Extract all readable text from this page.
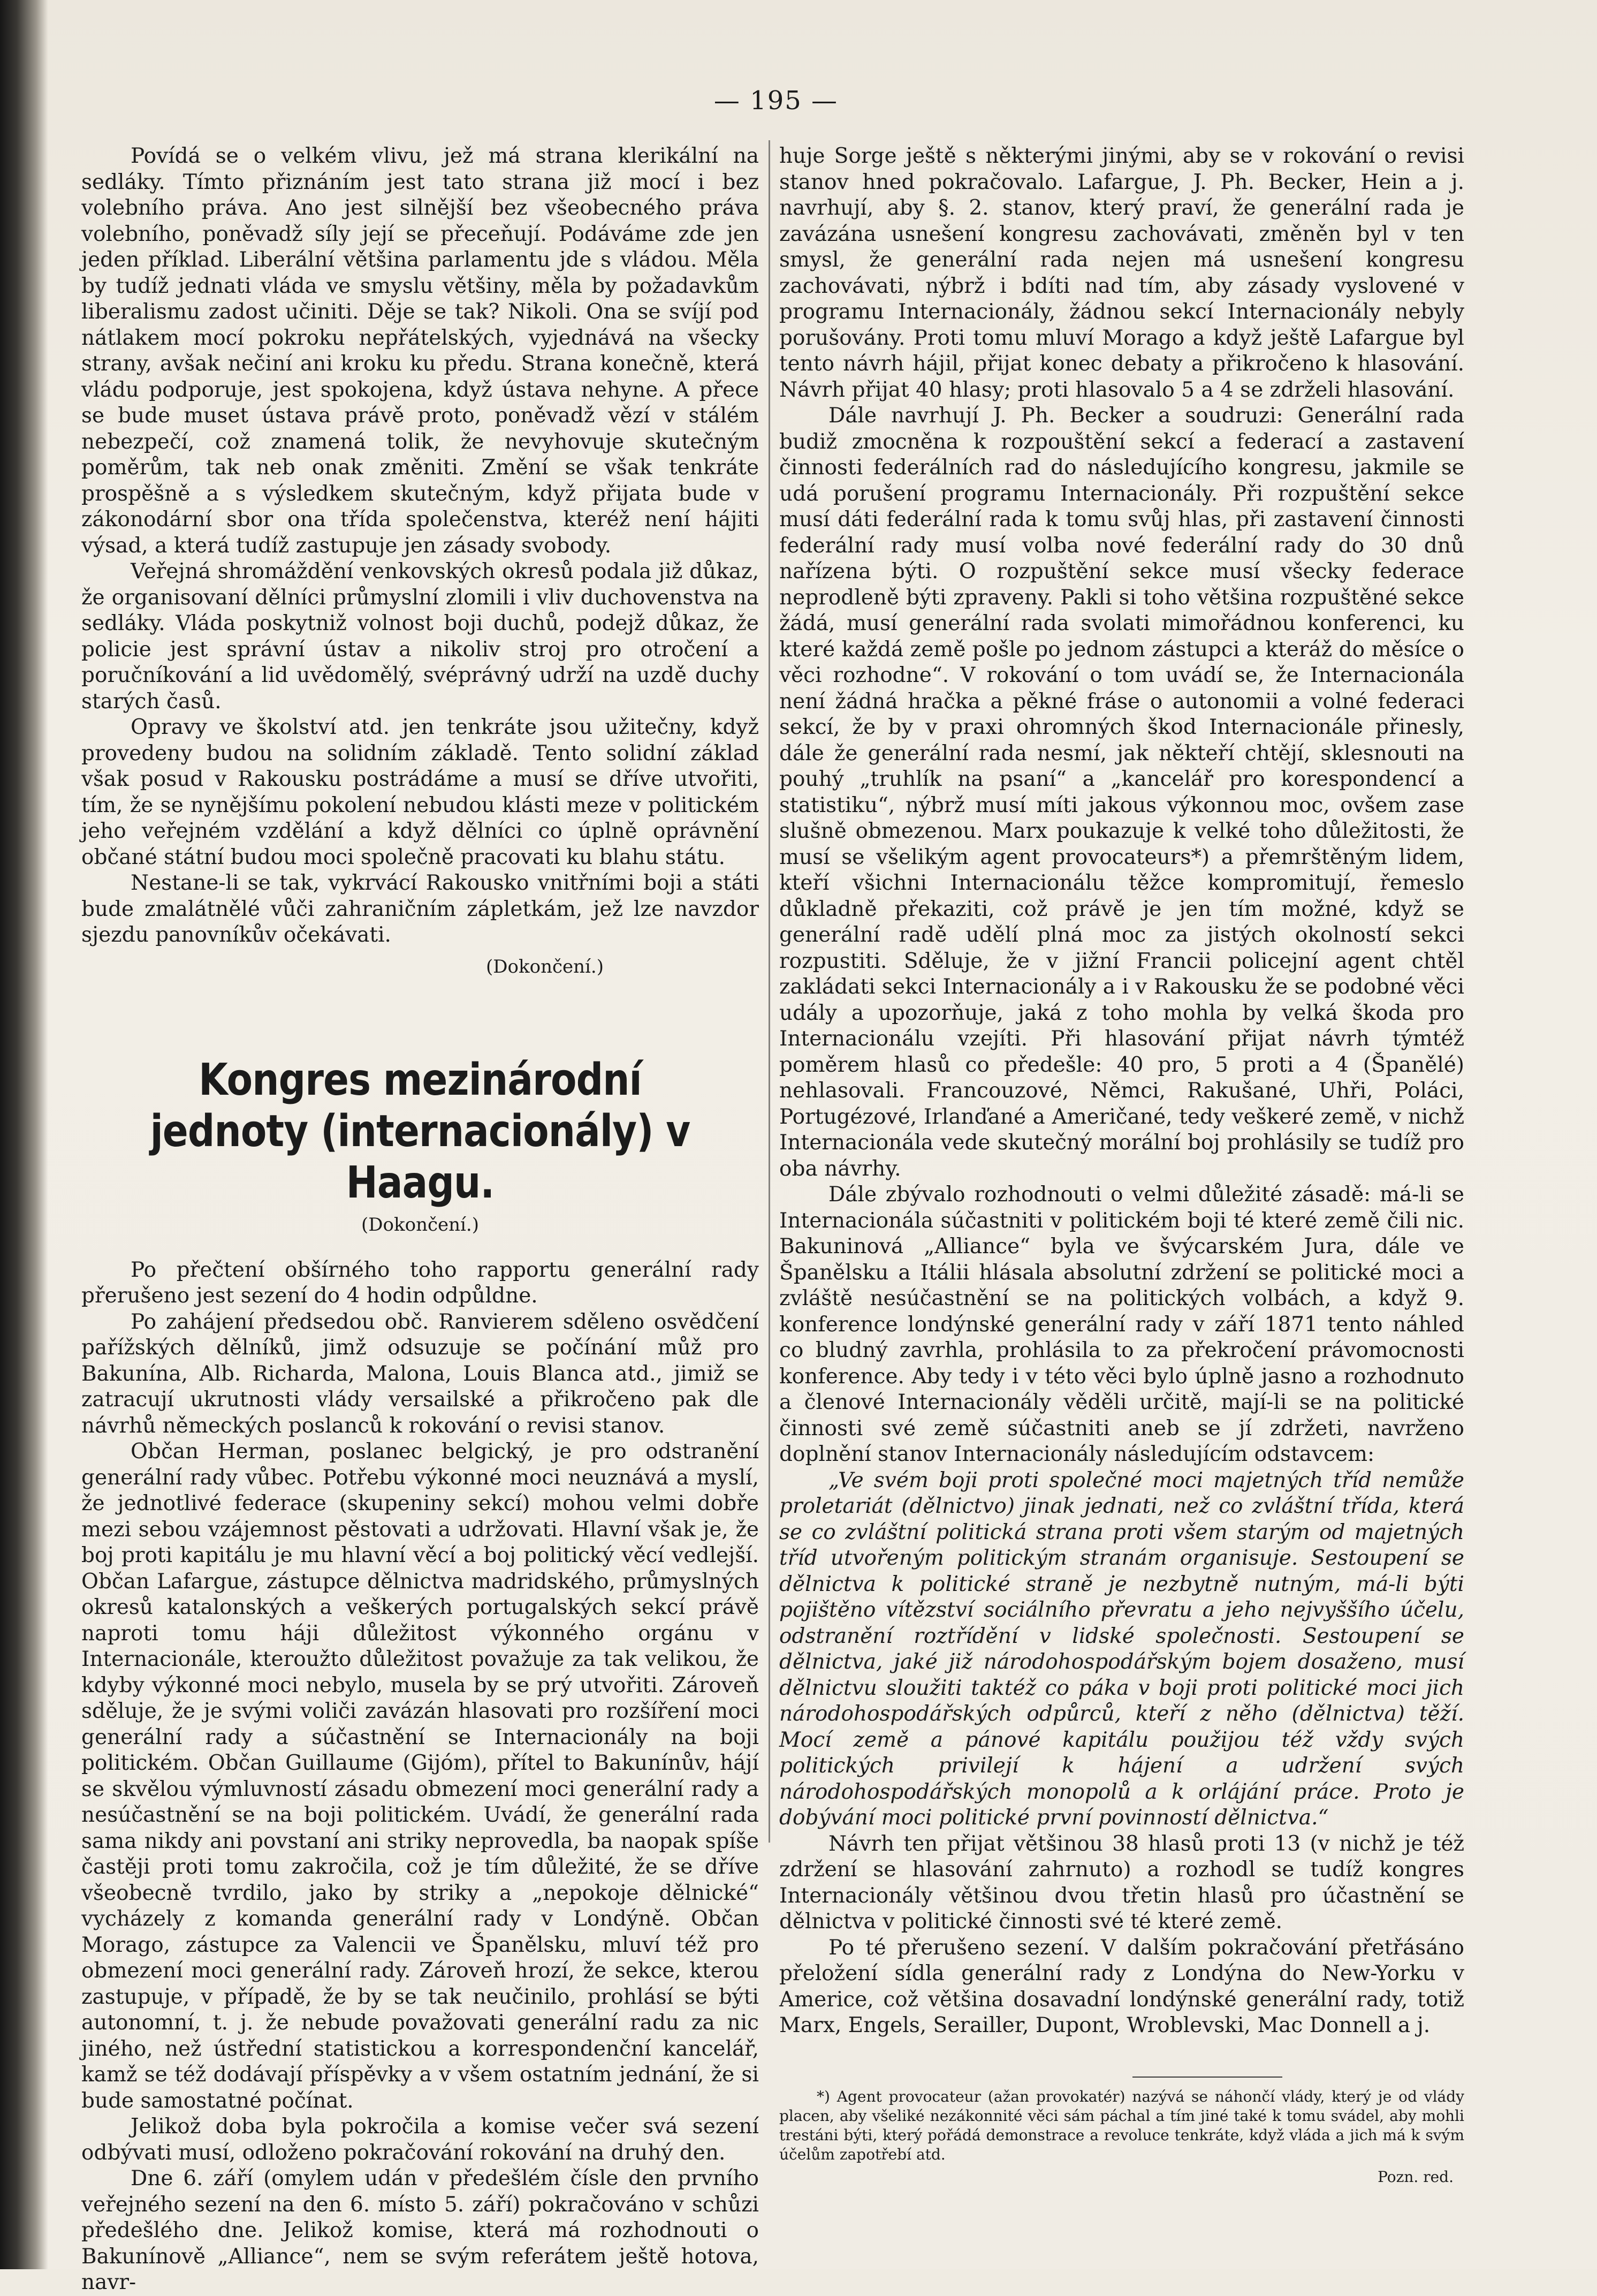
— 195 —

Povídá se o velkém vlivu, jež má strana klerikální na sedláky. Tímto přiznáním jest tato strana již mocí i bez volebního práva. Ano jest silnější bez všeobecného práva volebního, poněvadž síly její se přeceňují. Podáváme zde jen jeden příklad. Liberální většina parlamentu jde s vládou. Měla by tudíž jednati vláda ve smyslu většiny, měla by požadavkům liberalismu zadost učiniti. Děje se tak? Nikoli. Ona se svíjí pod nátlakem mocí pokroku nepřátelských, vyjednává na všecky strany, avšak nečiní ani kroku ku předu. Strana konečně, která vládu podporuje, jest spokojena, když ústava nehyne. A přece se bude muset ústava právě proto, poněvadž vězí v stálém nebezpečí, což znamená tolik, že nevyhovuje skutečným poměrům, tak neb onak změniti. Změní se však tenkráte prospěšně a s výsledkem skutečným, když přijata bude v zákonodární sbor ona třída společenstva, kteréž není hájiti výsad, a která tudíž zastupuje jen zásady svobody.

Veřejná shromáždění venkovských okresů podala již důkaz, že organisovaní dělníci průmyslní zlomili i vliv duchovenstva na sedláky. Vláda poskytniž volnost boji duchů, podejž důkaz, že policie jest správní ústav a nikoliv stroj pro otročení a poručníkování a lid uvědomělý, svéprávný udrží na uzdě duchy starých časů.

Opravy ve školství atd. jen tenkráte jsou užitečny, když provedeny budou na solidním základě. Tento solidní základ však posud v Rakousku postrádáme a musí se dříve utvořiti, tím, že se nynějšímu pokolení nebudou klásti meze v politickém jeho veřejném vzdělání a když dělníci co úplně oprávnění občané státní budou moci společně pracovati ku blahu státu.

Nestane-li se tak, vykrvácí Rakousko vnitřními boji a státi bude zmalátnělé vůči zahraničním zápletkám, jež lze navzdor sjezdu panovníkův očekávati.

(Dokončení.)

Kongres mezinárodní jednoty (internacionály) v Haagu.

(Dokončení.)

Po přečtení obšírného toho rapportu generální rady přerušeno jest sezení do 4 hodin odpůldne.

Po zahájení předsedou obč. Ranvierem sděleno osvědčení pařížských dělníků, jimž odsuzuje se počínání můž pro Bakunína, Alb. Richarda, Malona, Louis Blanca atd., jimiž se zatracují ukrutnosti vlády versailské a přikročeno pak dle návrhů německých poslanců k rokování o revisi stanov.

Občan Herman, poslanec belgický, je pro odstranění generální rady vůbec. Potřebu výkonné moci neuznává a myslí, že jednotlivé federace (skupeniny sekcí) mohou velmi dobře mezi sebou vzájemnost pěstovati a udržovati. Hlavní však je, že boj proti kapitálu je mu hlavní věcí a boj politický věcí vedlejší. Občan Lafargue, zástupce dělnictva madridského, průmyslných okresů katalonských a veškerých portugalských sekcí právě naproti tomu háji důležitost výkonného orgánu v Internacionále, kteroužto důležitost považuje za tak velikou, že kdyby výkonné moci nebylo, musela by se prý utvořiti. Zároveň sděluje, že je svými voliči zavázán hlasovati pro rozšíření moci generální rady a súčastnění se Internacionály na boji politickém. Občan Guillaume (Gijóm), přítel to Bakunínův, hájí se skvělou výmluvností zásadu obmezení moci generální rady a nesúčastnění se na boji politickém. Uvádí, že generální rada sama nikdy ani povstaní ani striky neprovedla, ba naopak spíše častěji proti tomu zakročila, což je tím důležité, že se dříve všeobecně tvrdilo, jako by striky a „nepokoje dělnické“ vycházely z komanda generální rady v Londýně. Občan Morago, zástupce za Valencii ve Španělsku, mluví též pro obmezení moci generální rady. Zároveň hrozí, že sekce, kterou zastupuje, v případě, že by se tak neučinilo, prohlásí se býti autonomní, t. j. že nebude považovati generální radu za nic jiného, než ústřední statistickou a korrespondenční kancelář, kamž se též dodávají příspěvky a v všem ostatním jednání, že si bude samostatné počínat.

Jelikož doba byla pokročila a komise večer svá sezení odbývati musí, odloženo pokračování rokování na druhý den.

Dne 6. září (omylem udán v předešlém čísle den prvního veřejného sezení na den 6. místo 5. září) pokračováno v schůzi předešlého dne. Jelikož komise, která má rozhodnouti o Bakunínově „Alliance“, nem se svým referátem ještě hotova, navr-

huje Sorge ještě s některými jinými, aby se v rokování o revisi stanov hned pokračovalo. Lafargue, J. Ph. Becker, Hein a j. navrhují, aby §. 2. stanov, který praví, že generální rada je zavázána usnešení kongresu zachovávati, změněn byl v ten smysl, že generální rada nejen má usnešení kongresu zachovávati, nýbrž i bdíti nad tím, aby zásady vyslovené v programu Internacionály, žádnou sekcí Internacionály nebyly porušovány. Proti tomu mluví Morago a když ještě Lafargue byl tento návrh hájil, přijat konec debaty a přikročeno k hlasování. Návrh přijat 40 hlasy; proti hlasovalo 5 a 4 se zdrželi hlasování.

Dále navrhují J. Ph. Becker a soudruzi: Generální rada budiž zmocněna k rozpouštění sekcí a federací a zastavení činnosti federálních rad do následujícího kongresu, jakmile se udá porušení programu Internacionály. Při rozpuštění sekce musí dáti federální rada k tomu svůj hlas, při zastavení činnosti federální rady musí volba nové federální rady do 30 dnů nařízena býti. O rozpuštění sekce musí všecky federace neprodleně býti zpraveny. Pakli si toho většina rozpuštěné sekce žádá, musí generální rada svolati mimořádnou konferenci, ku které každá země pošle po jednom zástupci a kteráž do měsíce o věci rozhodne“. V rokování o tom uvádí se, že Internacionála není žádná hračka a pěkné fráse o autonomii a volné federaci sekcí, že by v praxi ohromných škod Internacionále přinesly, dále že generální rada nesmí, jak někteří chtějí, sklesnouti na pouhý „truhlík na psaní“ a „kancelář pro korespondencí a statistiku“, nýbrž musí míti jakous výkonnou moc, ovšem zase slušně obmezenou. Marx poukazuje k velké toho důležitosti, že musí se všelikým agent provocateurs*) a přemrštěným lidem, kteří všichni Internacionálu těžce kompromitují, řemeslo důkladně překaziti, což právě je jen tím možné, když se generální radě udělí plná moc za jistých okolností sekci rozpustiti. Sděluje, že v jižní Francii policejní agent chtěl zakládati sekci Internacionály a i v Rakousku že se podobné věci udály a upozorňuje, jaká z toho mohla by velká škoda pro Internacionálu vzejíti. Při hlasování přijat návrh týmtéž poměrem hlasů co předešle: 40 pro, 5 proti a 4 (Španělé) nehlasovali. Francouzové, Němci, Rakušané, Uhři, Poláci, Portugézové, Irlanďané a Američané, tedy veškeré země, v nichž Internacionála vede skutečný morální boj prohlásily se tudíž pro oba návrhy.

Dále zbývalo rozhodnouti o velmi důležité zásadě: má-li se Internacionála súčastniti v politickém boji té které země čili nic. Bakuninová „Alliance“ byla ve švýcarském Jura, dále ve Španělsku a Itálii hlásala absolutní zdržení se politické moci a zvláště nesúčastnění se na politických volbách, a když 9. konference londýnské generální rady v září 1871 tento náhled co bludný zavrhla, prohlásila to za překročení právomocnosti konference. Aby tedy i v této věci bylo úplně jasno a rozhodnuto a členové Internacionály věděli určitě, mají-li se na politické činnosti své země súčastniti aneb se jí zdržeti, navrženo doplnění stanov Internacionály následujícím odstavcem:

„Ve svém boji proti společné moci majetných tříd nemůže proletariát (dělnictvo) jinak jednati, než co zvláštní třída, která se co zvláštní politická strana proti všem starým od majetných tříd utvořeným politickým stranám organisuje. Sestoupení se dělnictva k politické straně je nezbytně nutným, má-li býti pojištěno vítězství sociálního převratu a jeho nejvyššího účelu, odstranění roztřídění v lidské společnosti. Sestoupení se dělnictva, jaké již národohospodářským bojem dosaženo, musí dělnictvu sloužiti taktéž co páka v boji proti politické moci jich národohospodářských odpůrců, kteří z něho (dělnictva) těží. Mocí země a pánové kapitálu použijou též vždy svých politických privilejí k hájení a udržení svých národohospodářských monopolů a k orlájání práce. Proto je dobývání moci politické první povinností dělnictva.“

Návrh ten přijat většinou 38 hlasů proti 13 (v nichž je též zdržení se hlasování zahrnuto) a rozhodl se tudíž kongres Internacionály většinou dvou třetin hlasů pro účastnění se dělnictva v politické činnosti své té které země.

Po té přerušeno sezení. V dalším pokračování přetřásáno přeložení sídla generální rady z Londýna do New-Yorku v Americe, což většina dosavadní londýnské generální rady, totiž Marx, Engels, Serailler, Dupont, Wroblevski, Mac Donnell a j.

*) Agent provocateur (ažan provokatér) nazývá se náhončí vlády, který je od vlády placen, aby všeliké nezákonnité věci sám páchal a tím jiné také k tomu svádel, aby mohli trestáni býti, který pořádá demonstrace a revoluce tenkráte, když vláda a jich má k svým účelům zapotřebí atd.

Pozn. red.
